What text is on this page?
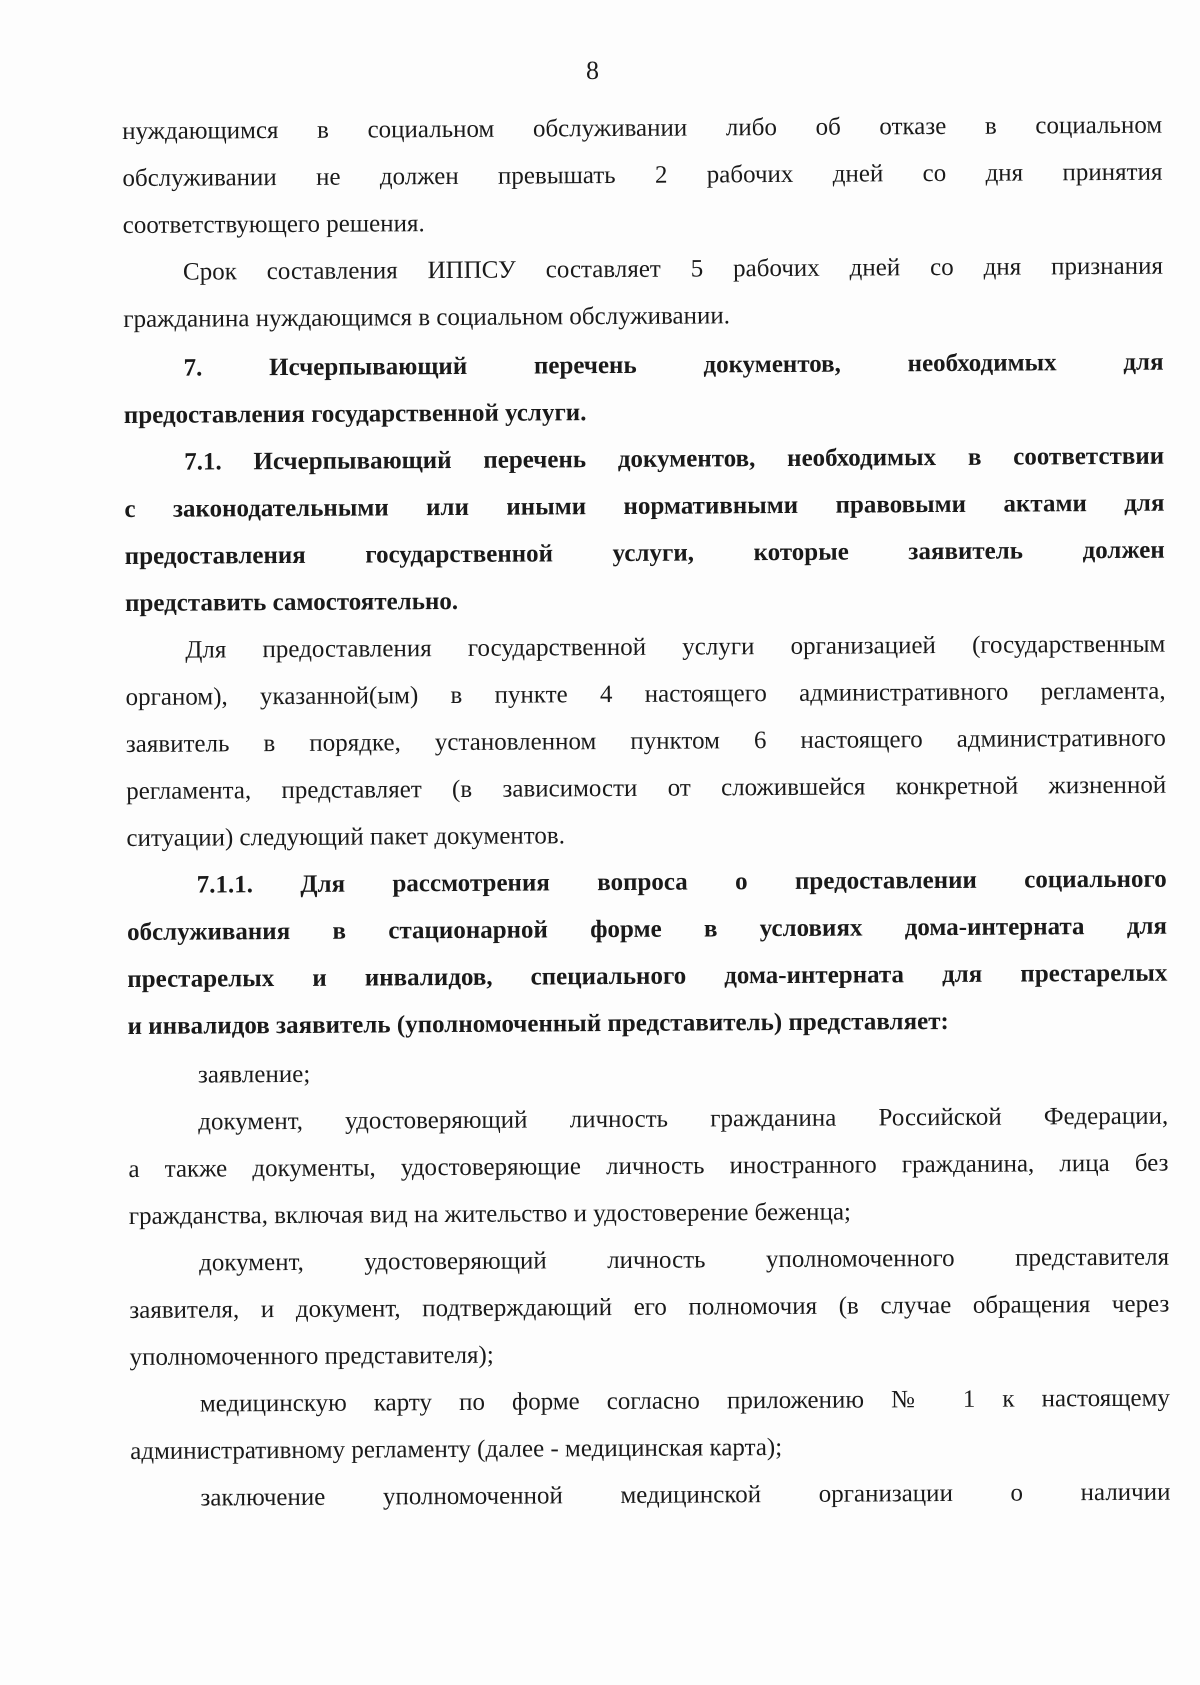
8

нуждающимся в социальном обслуживании либо об отказе в социальном

обслуживании не должен превышать 2 рабочих дней со дня принятия

соответствующего решения.

Срок составления ИППСУ составляет 5 рабочих дней со дня признания

гражданина нуждающимся в социальном обслуживании.

7. Исчерпывающий перечень документов, необходимых для

предоставления государственной услуги.

7.1. Исчерпывающий перечень документов, необходимых в соответствии

с законодательными или иными нормативными правовыми актами для

предоставления государственной услуги, которые заявитель должен

представить самостоятельно.

Для предоставления государственной услуги организацией (государственным

органом), указанной(ым) в пункте 4 настоящего административного регламента,

заявитель в порядке, установленном пунктом 6 настоящего административного

регламента, представляет (в зависимости от сложившейся конкретной жизненной

ситуации) следующий пакет документов.

7.1.1. Для рассмотрения вопроса о предоставлении социального

обслуживания в стационарной форме в условиях дома-интерната для

престарелых и инвалидов, специального дома-интерната для престарелых

и инвалидов заявитель (уполномоченный представитель) представляет:

заявление;

документ, удостоверяющий личность гражданина Российской Федерации,

а также документы, удостоверяющие личность иностранного гражданина, лица без

гражданства, включая вид на жительство и удостоверение беженца;

документ, удостоверяющий личность уполномоченного представителя

заявителя, и документ, подтверждающий его полномочия (в случае обращения через

уполномоченного представителя);

медицинскую карту по форме согласно приложению № 1 к настоящему

административному регламенту (далее - медицинская карта);

заключение уполномоченной медицинской организации о наличии
